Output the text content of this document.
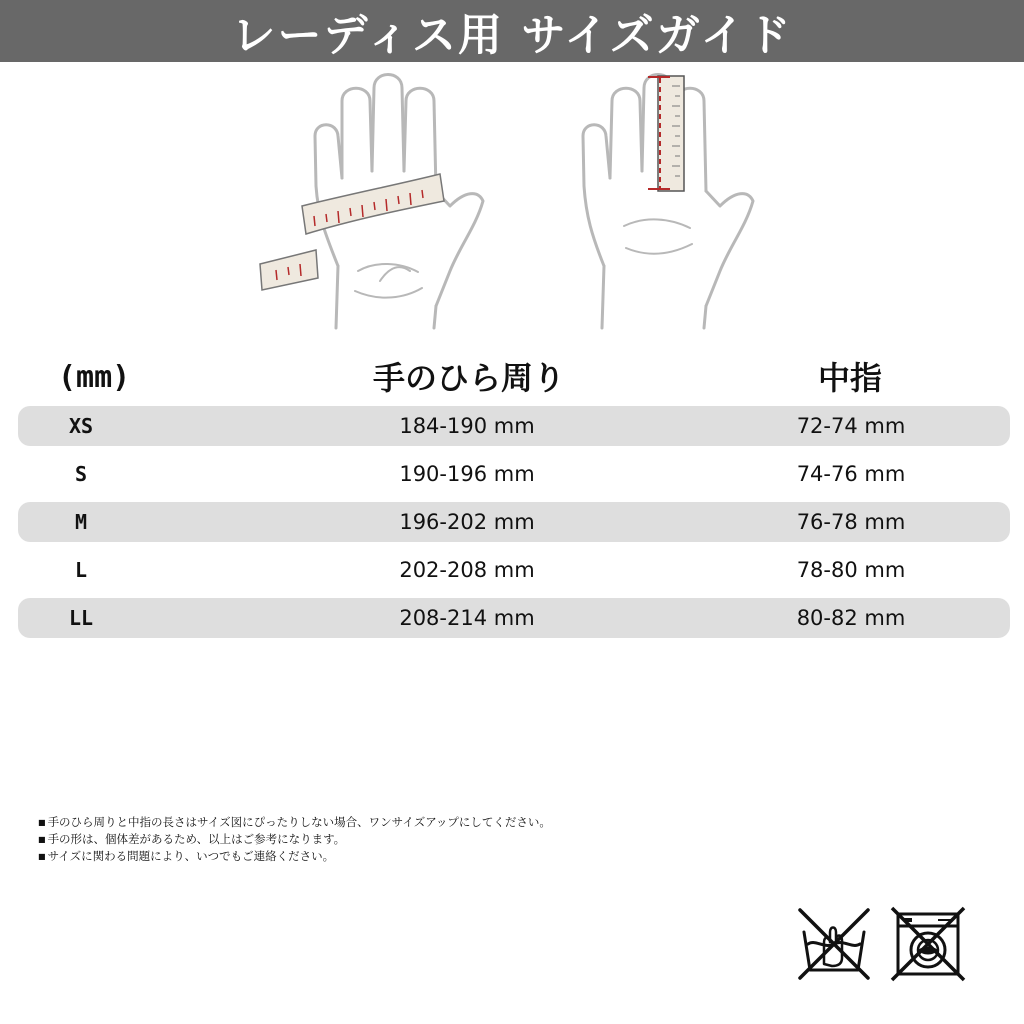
レーディス用 サイズガイド
(mm)	手のひら周り	中指
XS	184-190 mm	72-74 mm
S	190-196 mm	74-76 mm
M	196-202 mm	76-78 mm
L	202-208 mm	78-80 mm
LL	208-214 mm	80-82 mm
■ 手のひら周りと中指の長さはサイズ図にぴったりしない場合、ワンサイズアップにしてください。
■ 手の形は、個体差があるため、以上はご参考になります。
■ サイズに関わる問題により、いつでもご連絡ください。
